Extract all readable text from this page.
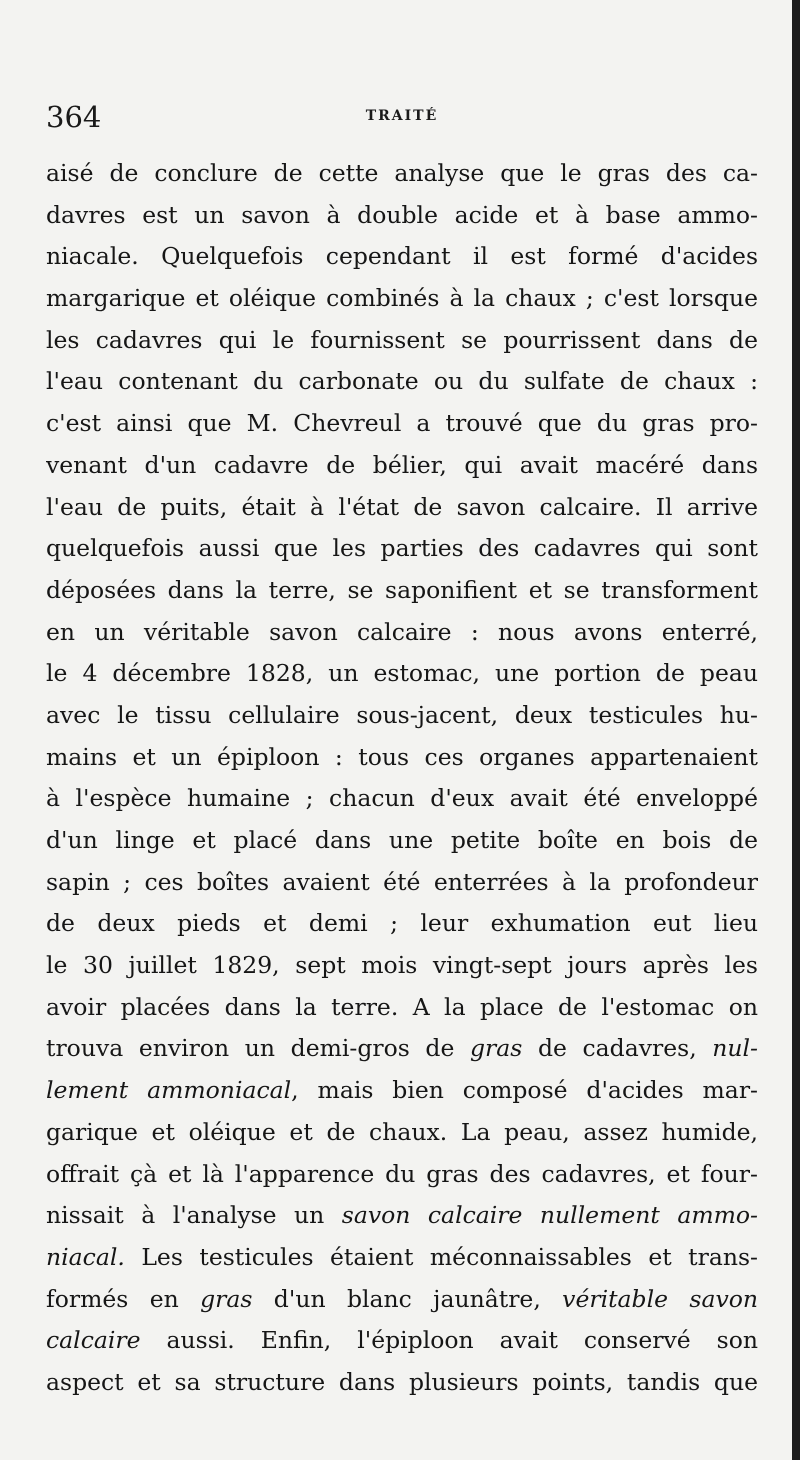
364	TRAITÉ
aisé de conclure de cette analyse que le gras des ca-
davres est un savon à double acide et à base ammo-
niacale. Quelquefois cependant il est formé d'acides
margarique et oléique combinés à la chaux ; c'est lorsque
les cadavres qui le fournissent se pourrissent dans de
l'eau contenant du carbonate ou du sulfate de chaux :
c'est ainsi que M. Chevreul a trouvé que du gras pro-
venant d'un cadavre de bélier, qui avait macéré dans
l'eau de puits, était à l'état de savon calcaire. Il arrive
quelquefois aussi que les parties des cadavres qui sont
déposées dans la terre, se saponifient et se transforment
en un véritable savon calcaire : nous avons enterré,
le 4 décembre 1828, un estomac, une portion de peau
avec le tissu cellulaire sous-jacent, deux testicules hu-
mains et un épiploon : tous ces organes appartenaient
à l'espèce humaine ; chacun d'eux avait été enveloppé
d'un linge et placé dans une petite boîte en bois de
sapin ; ces boîtes avaient été enterrées à la profondeur
de deux pieds et demi ; leur exhumation eut lieu
le 30 juillet 1829, sept mois vingt-sept jours après les
avoir placées dans la terre. A la place de l'estomac on
trouva environ un demi-gros de gras de cadavres, nul-
lement ammoniacal, mais bien composé d'acides mar-
garique et oléique et de chaux. La peau, assez humide,
offrait çà et là l'apparence du gras des cadavres, et four-
nissait à l'analyse un savon calcaire nullement ammo-
niacal. Les testicules étaient méconnaissables et trans-
formés en gras d'un blanc jaunâtre, véritable savon
calcaire aussi. Enfin, l'épiploon avait conservé son
aspect et sa structure dans plusieurs points, tandis que
